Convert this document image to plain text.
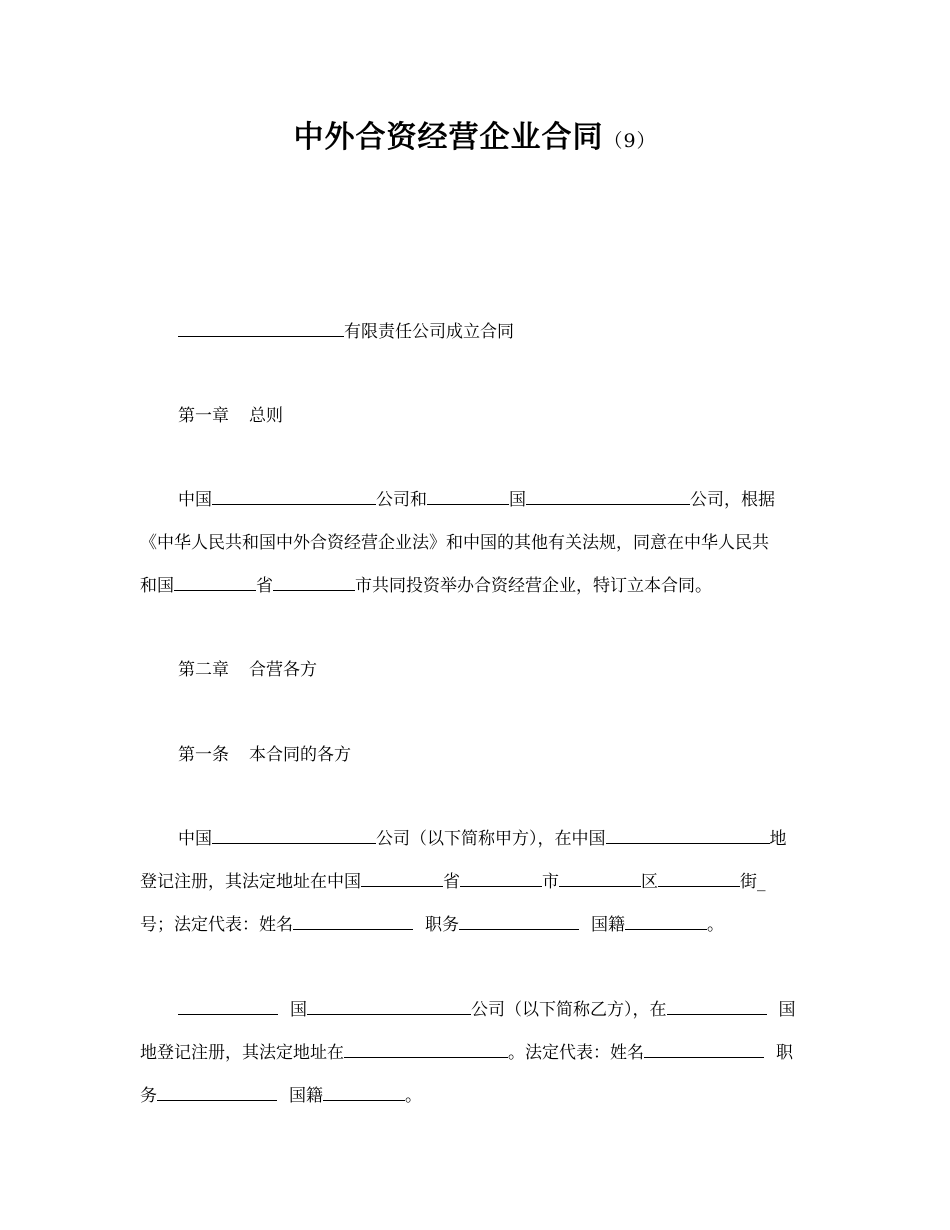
中外合资经营企业合同（9）
有限责任公司成立合同
第一章 总则
中国	公司和	国	公司，根据
《中华人民共和国中外合资经营企业法》和中国的其他有关法规，同意在中华人民共
和国	省	市共同投资举办合资经营企业，特订立本合同。
第二章 合营各方
第一条 本合同的各方
中国	公司（以下简称甲方），在中国	地
登记注册，其法定地址在中国	省	市	区	街_
号；法定代表：姓名	职务	国籍	。
国	公司（以下简称乙方），在	国
地登记注册，其法定地址在	。法定代表：姓名	职
务	国籍	。
